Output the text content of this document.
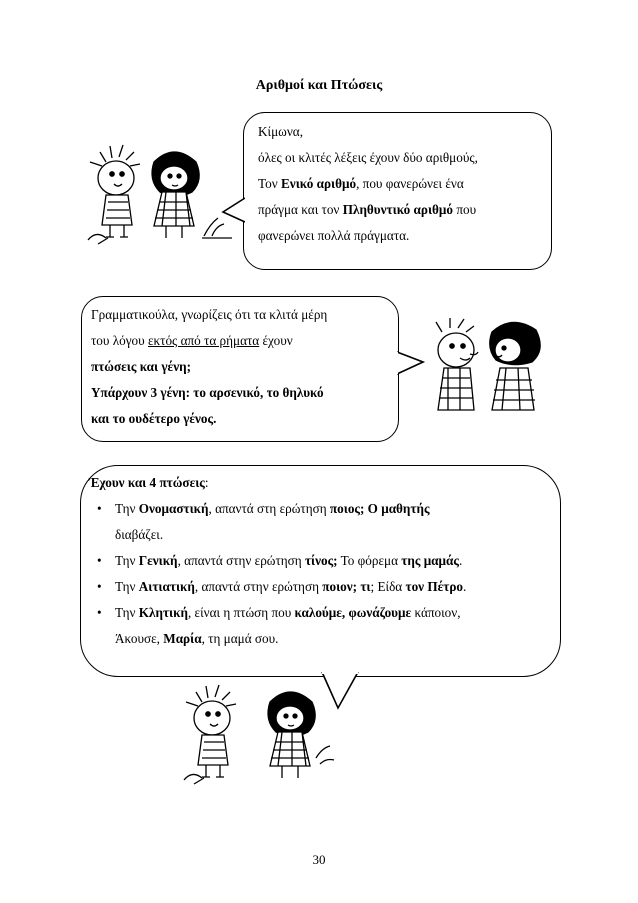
Αριθμοί και Πτώσεις
Κίμωνα,
όλες οι κλιτές λέξεις έχουν δύο αριθμούς,
Τον Ενικό αριθμό, που φανερώνει ένα
πράγμα και τον Πληθυντικό αριθμό που
φανερώνει πολλά πράγματα.
Γραμματικούλα, γνωρίζεις ότι τα κλιτά μέρη
του λόγου εκτός από τα ρήματα έχουν
πτώσεις και γένη;
Υπάρχουν 3 γένη: το αρσενικό, το θηλυκό
και το ουδέτερο γένος.
Έχουν και 4 πτώσεις:
• Την Ονομαστική, απαντά στη ερώτηση ποιος; Ο μαθητής
διαβάζει.
• Την Γενική, απαντά στην ερώτηση τίνος; Το φόρεμα της μαμάς.
• Την Αιτιατική, απαντά στην ερώτηση ποιον; τι; Είδα τον Πέτρο.
• Την Κλητική, είναι η πτώση που καλούμε, φωνάζουμε κάποιον,
Άκουσε, Μαρία, τη μαμά σου.
30
